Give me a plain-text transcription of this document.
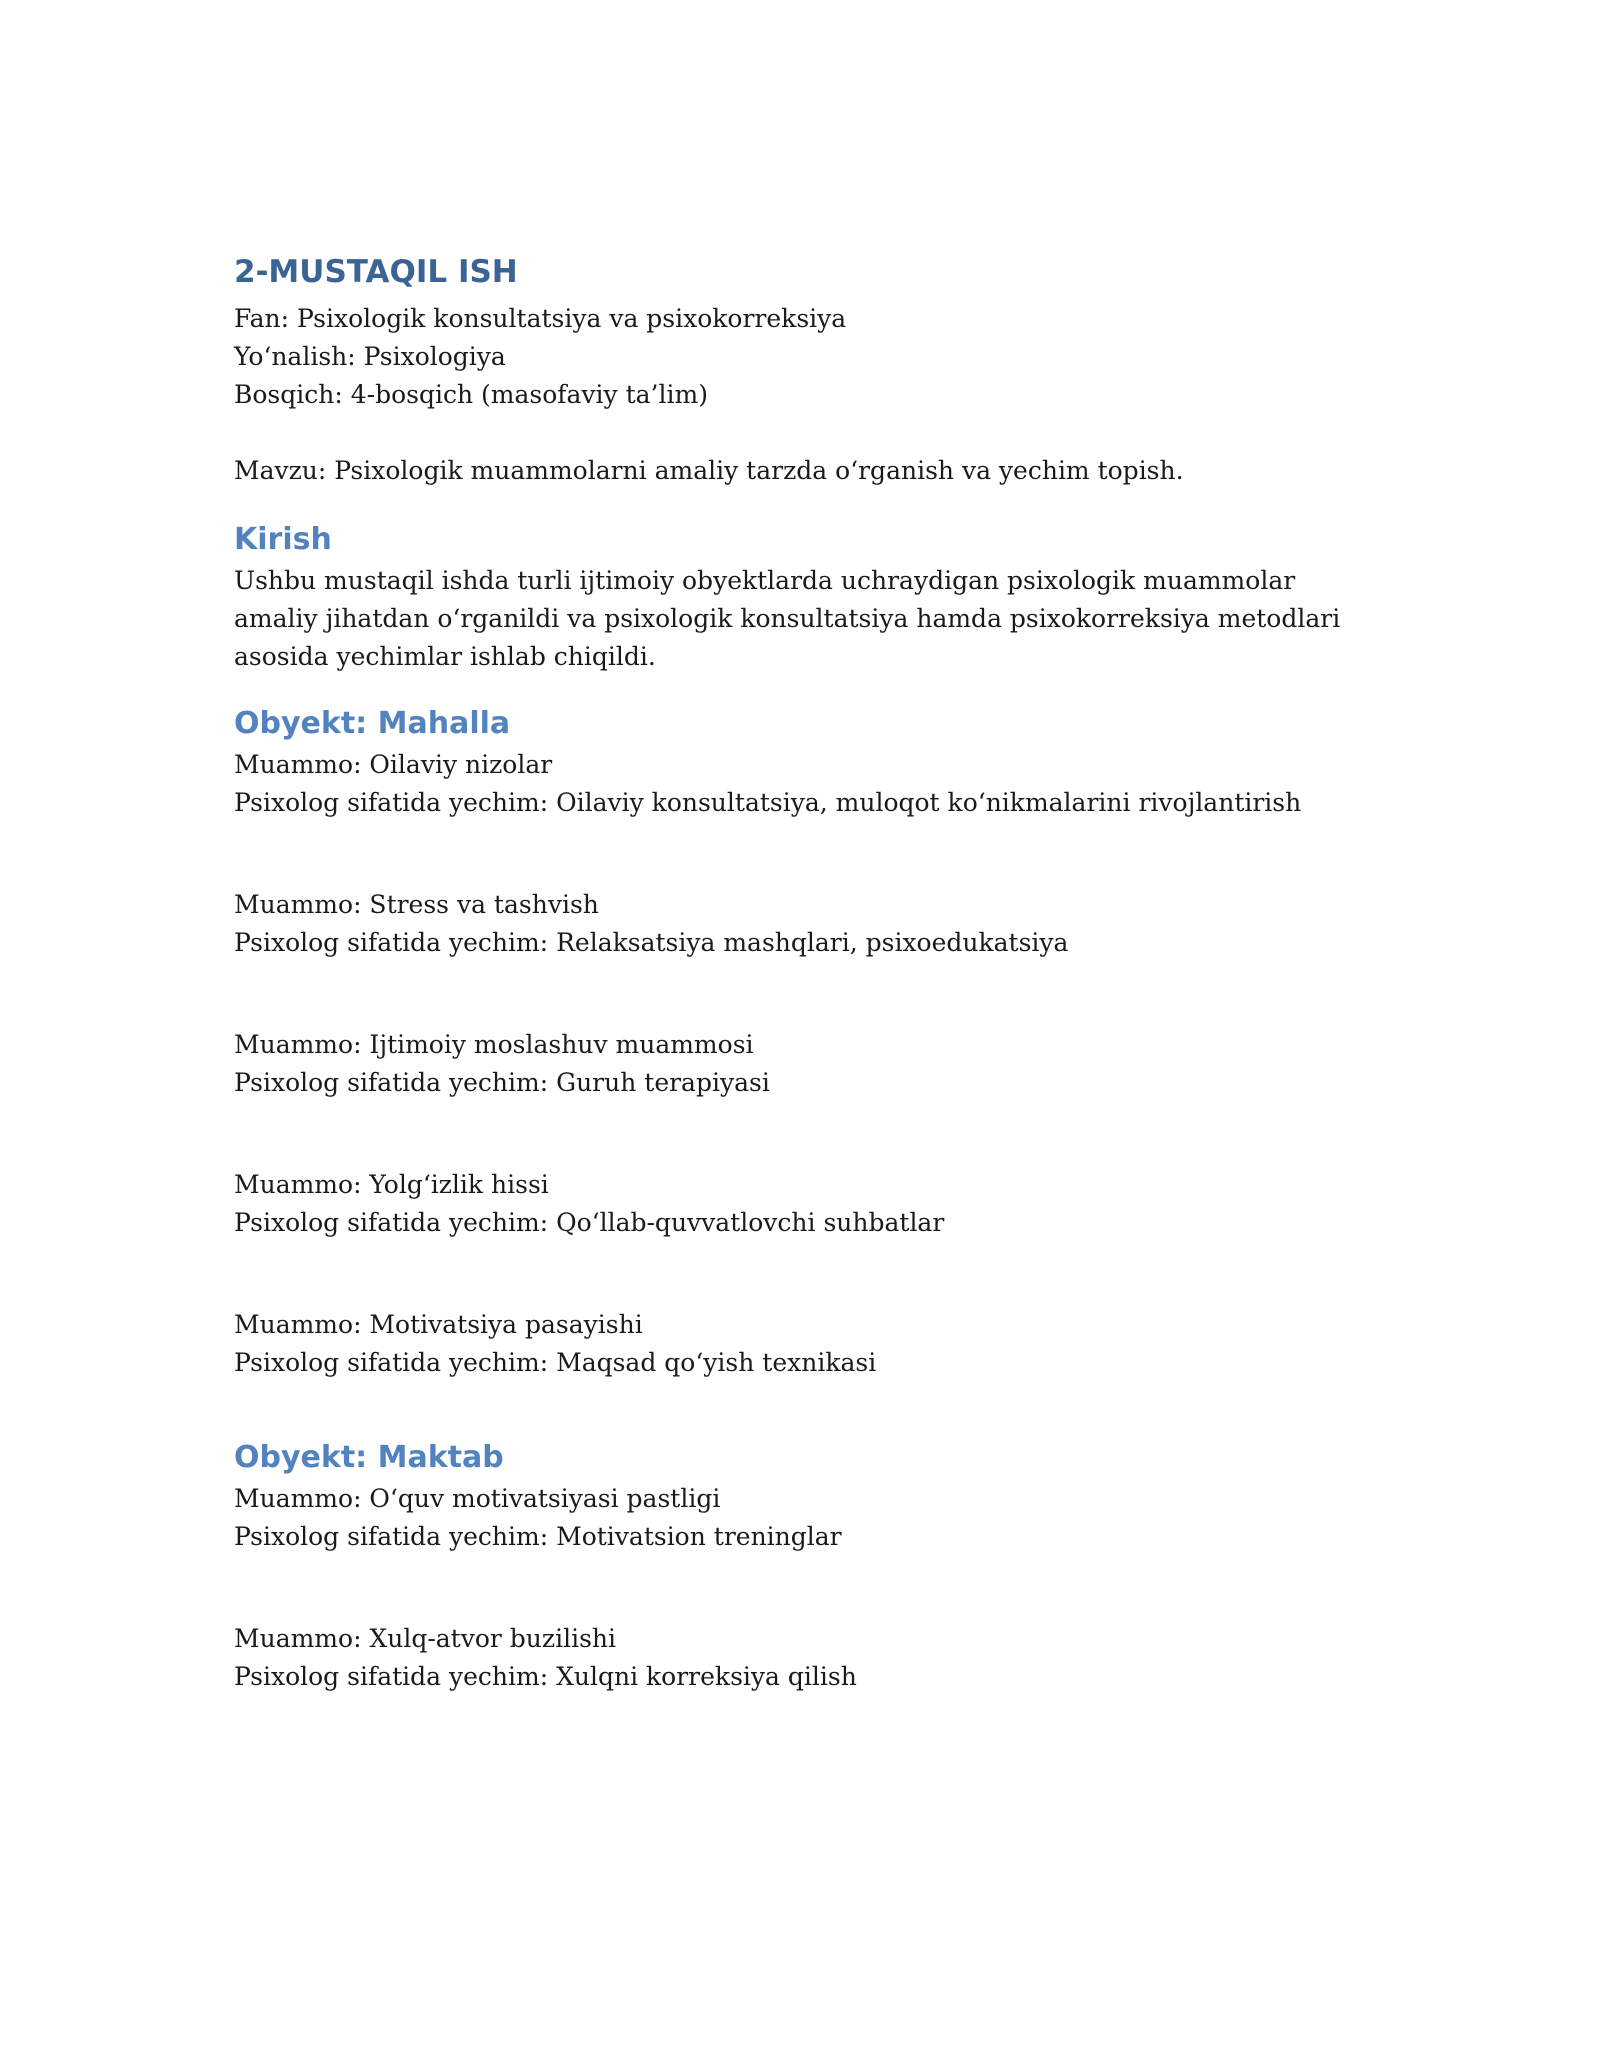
2-MUSTAQIL ISH

Fan: Psixologik konsultatsiya va psixokorreksiya

Yo‘nalish: Psixologiya

Bosqich: 4-bosqich (masofaviy ta’lim)

Mavzu: Psixologik muammolarni amaliy tarzda o‘rganish va yechim topish.

Kirish

Ushbu mustaqil ishda turli ijtimoiy obyektlarda uchraydigan psixologik muammolar amaliy jihatdan o‘rganildi va psixologik konsultatsiya hamda psixokorreksiya metodlari asosida yechimlar ishlab chiqildi.

Obyekt: Mahalla

Muammo: Oilaviy nizolar

Psixolog sifatida yechim: Oilaviy konsultatsiya, muloqot ko‘nikmalarini rivojlantirish

Muammo: Stress va tashvish

Psixolog sifatida yechim: Relaksatsiya mashqlari, psixoedukatsiya

Muammo: Ijtimoiy moslashuv muammosi

Psixolog sifatida yechim: Guruh terapiyasi

Muammo: Yolg‘izlik hissi

Psixolog sifatida yechim: Qo‘llab-quvvatlovchi suhbatlar

Muammo: Motivatsiya pasayishi

Psixolog sifatida yechim: Maqsad qo‘yish texnikasi

Obyekt: Maktab

Muammo: O‘quv motivatsiyasi pastligi

Psixolog sifatida yechim: Motivatsion treninglar

Muammo: Xulq-atvor buzilishi

Psixolog sifatida yechim: Xulqni korreksiya qilish
